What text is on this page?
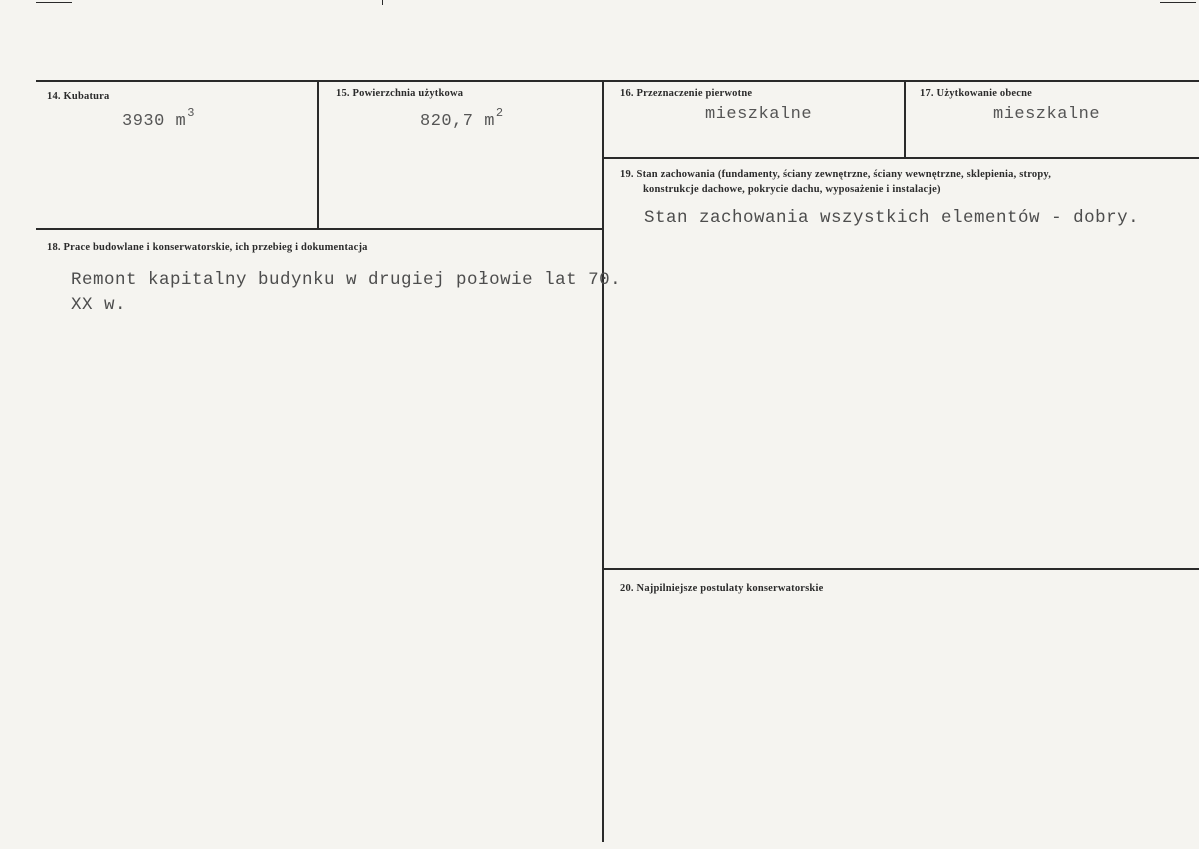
14. Kubatura
3930 $m^3$
15. Powierzchnia użytkowa
820,7 $m^2$
16. Przeznaczenie pierwotne
mieszkalne
17. Użytkowanie obecne
mieszkalne
18. Prace budowlane i konserwatorskie, ich przebieg i dokumentacja
Remont kapitalny budynku w drugiej połowie lat 70.
XX w.
19. Stan zachowania (fundamenty, ściany zewnętrzne, ściany wewnętrzne, sklepienia, stropy,
konstrukcje dachowe, pokrycie dachu, wyposażenie i instalacje)
Stan zachowania wszystkich elementów - dobry.
20. Najpilniejsze postulaty konserwatorskie
